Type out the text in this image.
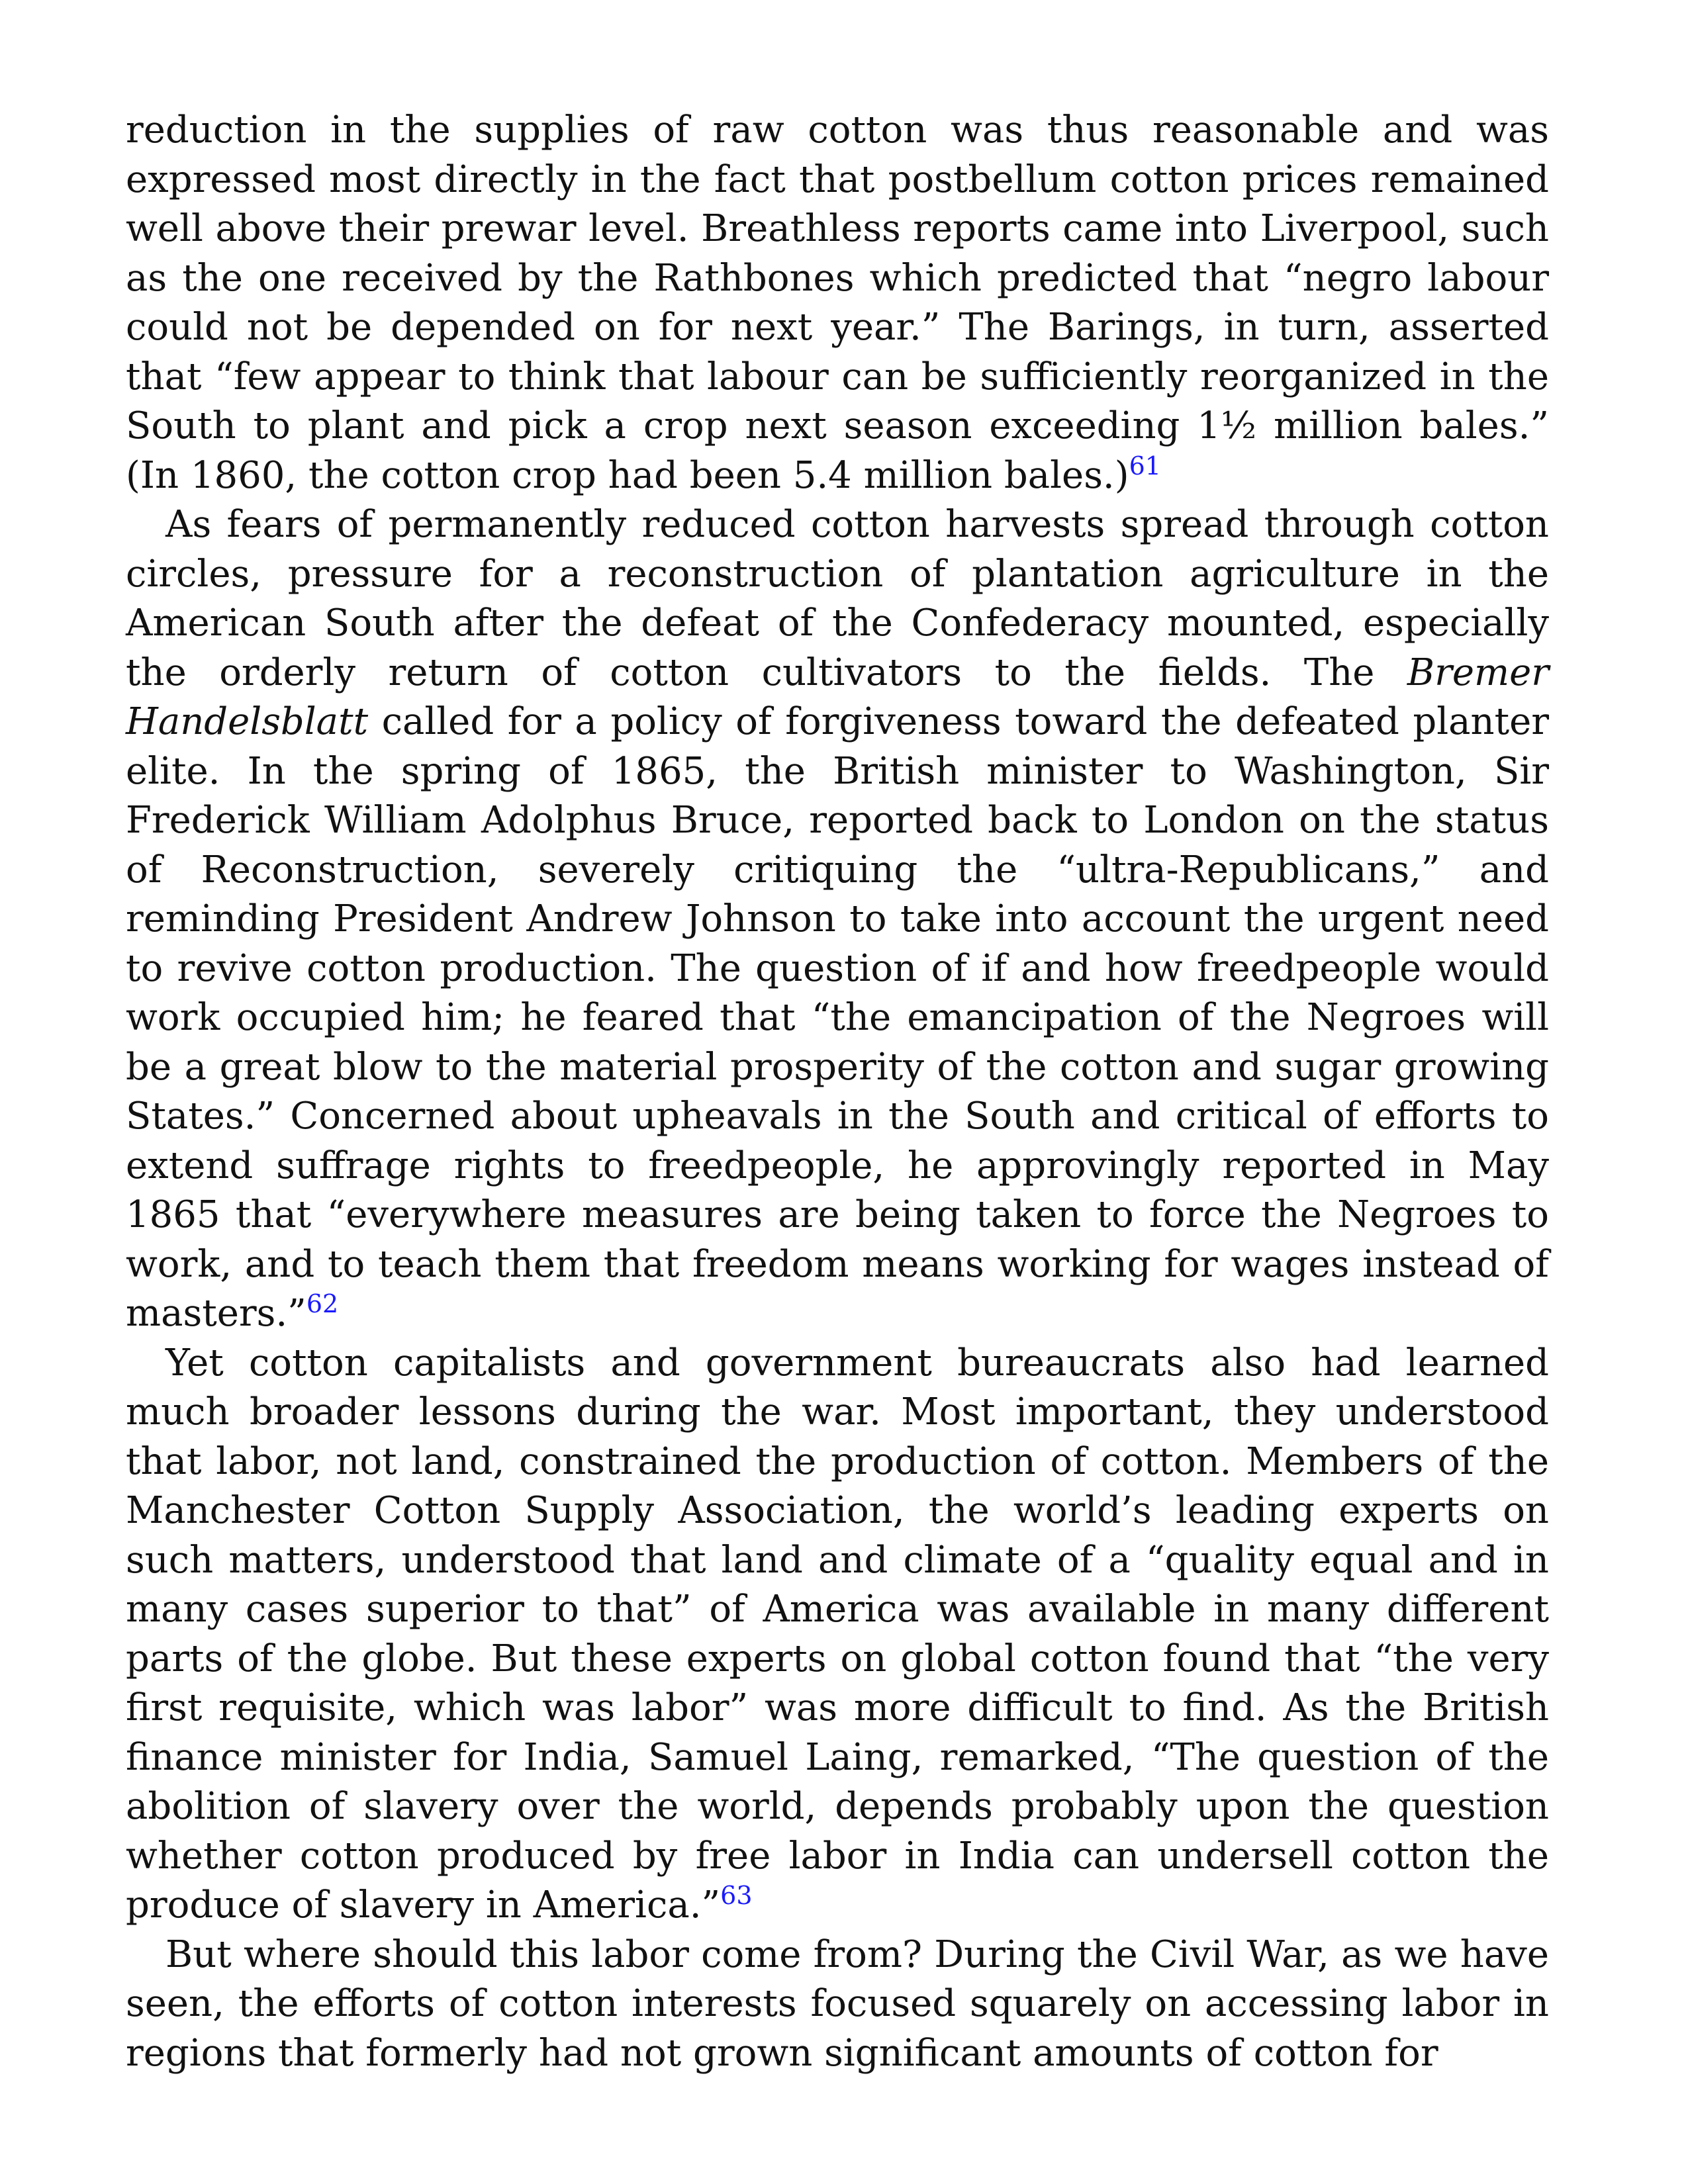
reduction in the supplies of raw cotton was thus reasonable and was expressed most directly in the fact that postbellum cotton prices remained well above their prewar level. Breathless reports came into Liverpool, such as the one received by the Rathbones which predicted that “negro labour could not be depended on for next year.” The Barings, in turn, asserted that “few appear to think that labour can be sufficiently reorganized in the South to plant and pick a crop next season exceeding 1½ million bales.” (In 1860, the cotton crop had been 5.4 million bales.)$^{61}$

As fears of permanently reduced cotton harvests spread through cotton circles, pressure for a reconstruction of plantation agriculture in the American South after the defeat of the Confederacy mounted, especially the orderly return of cotton cultivators to the fields. The Bremer Handelsblatt called for a policy of forgiveness toward the defeated planter elite. In the spring of 1865, the British minister to Washington, Sir Frederick William Adolphus Bruce, reported back to London on the status of Reconstruction, severely critiquing the “ultra-Republicans,” and reminding President Andrew Johnson to take into account the urgent need to revive cotton production. The question of if and how freedpeople would work occupied him; he feared that “the emancipation of the Negroes will be a great blow to the material prosperity of the cotton and sugar growing States.” Concerned about upheavals in the South and critical of efforts to extend suffrage rights to freedpeople, he approvingly reported in May 1865 that “everywhere measures are being taken to force the Negroes to work, and to teach them that freedom means working for wages instead of masters.”$^{62}$

Yet cotton capitalists and government bureaucrats also had learned much broader lessons during the war. Most important, they understood that labor, not land, constrained the production of cotton. Members of the Manchester Cotton Supply Association, the world’s leading experts on such matters, understood that land and climate of a “quality equal and in many cases superior to that” of America was available in many different parts of the globe. But these experts on global cotton found that “the very first requisite, which was labor” was more difficult to find. As the British finance minister for India, Samuel Laing, remarked, “The question of the abolition of slavery over the world, depends probably upon the question whether cotton produced by free labor in India can undersell cotton the produce of slavery in America.”$^{63}$

But where should this labor come from? During the Civil War, as we have seen, the efforts of cotton interests focused squarely on accessing labor in regions that formerly had not grown significant amounts of cotton for
